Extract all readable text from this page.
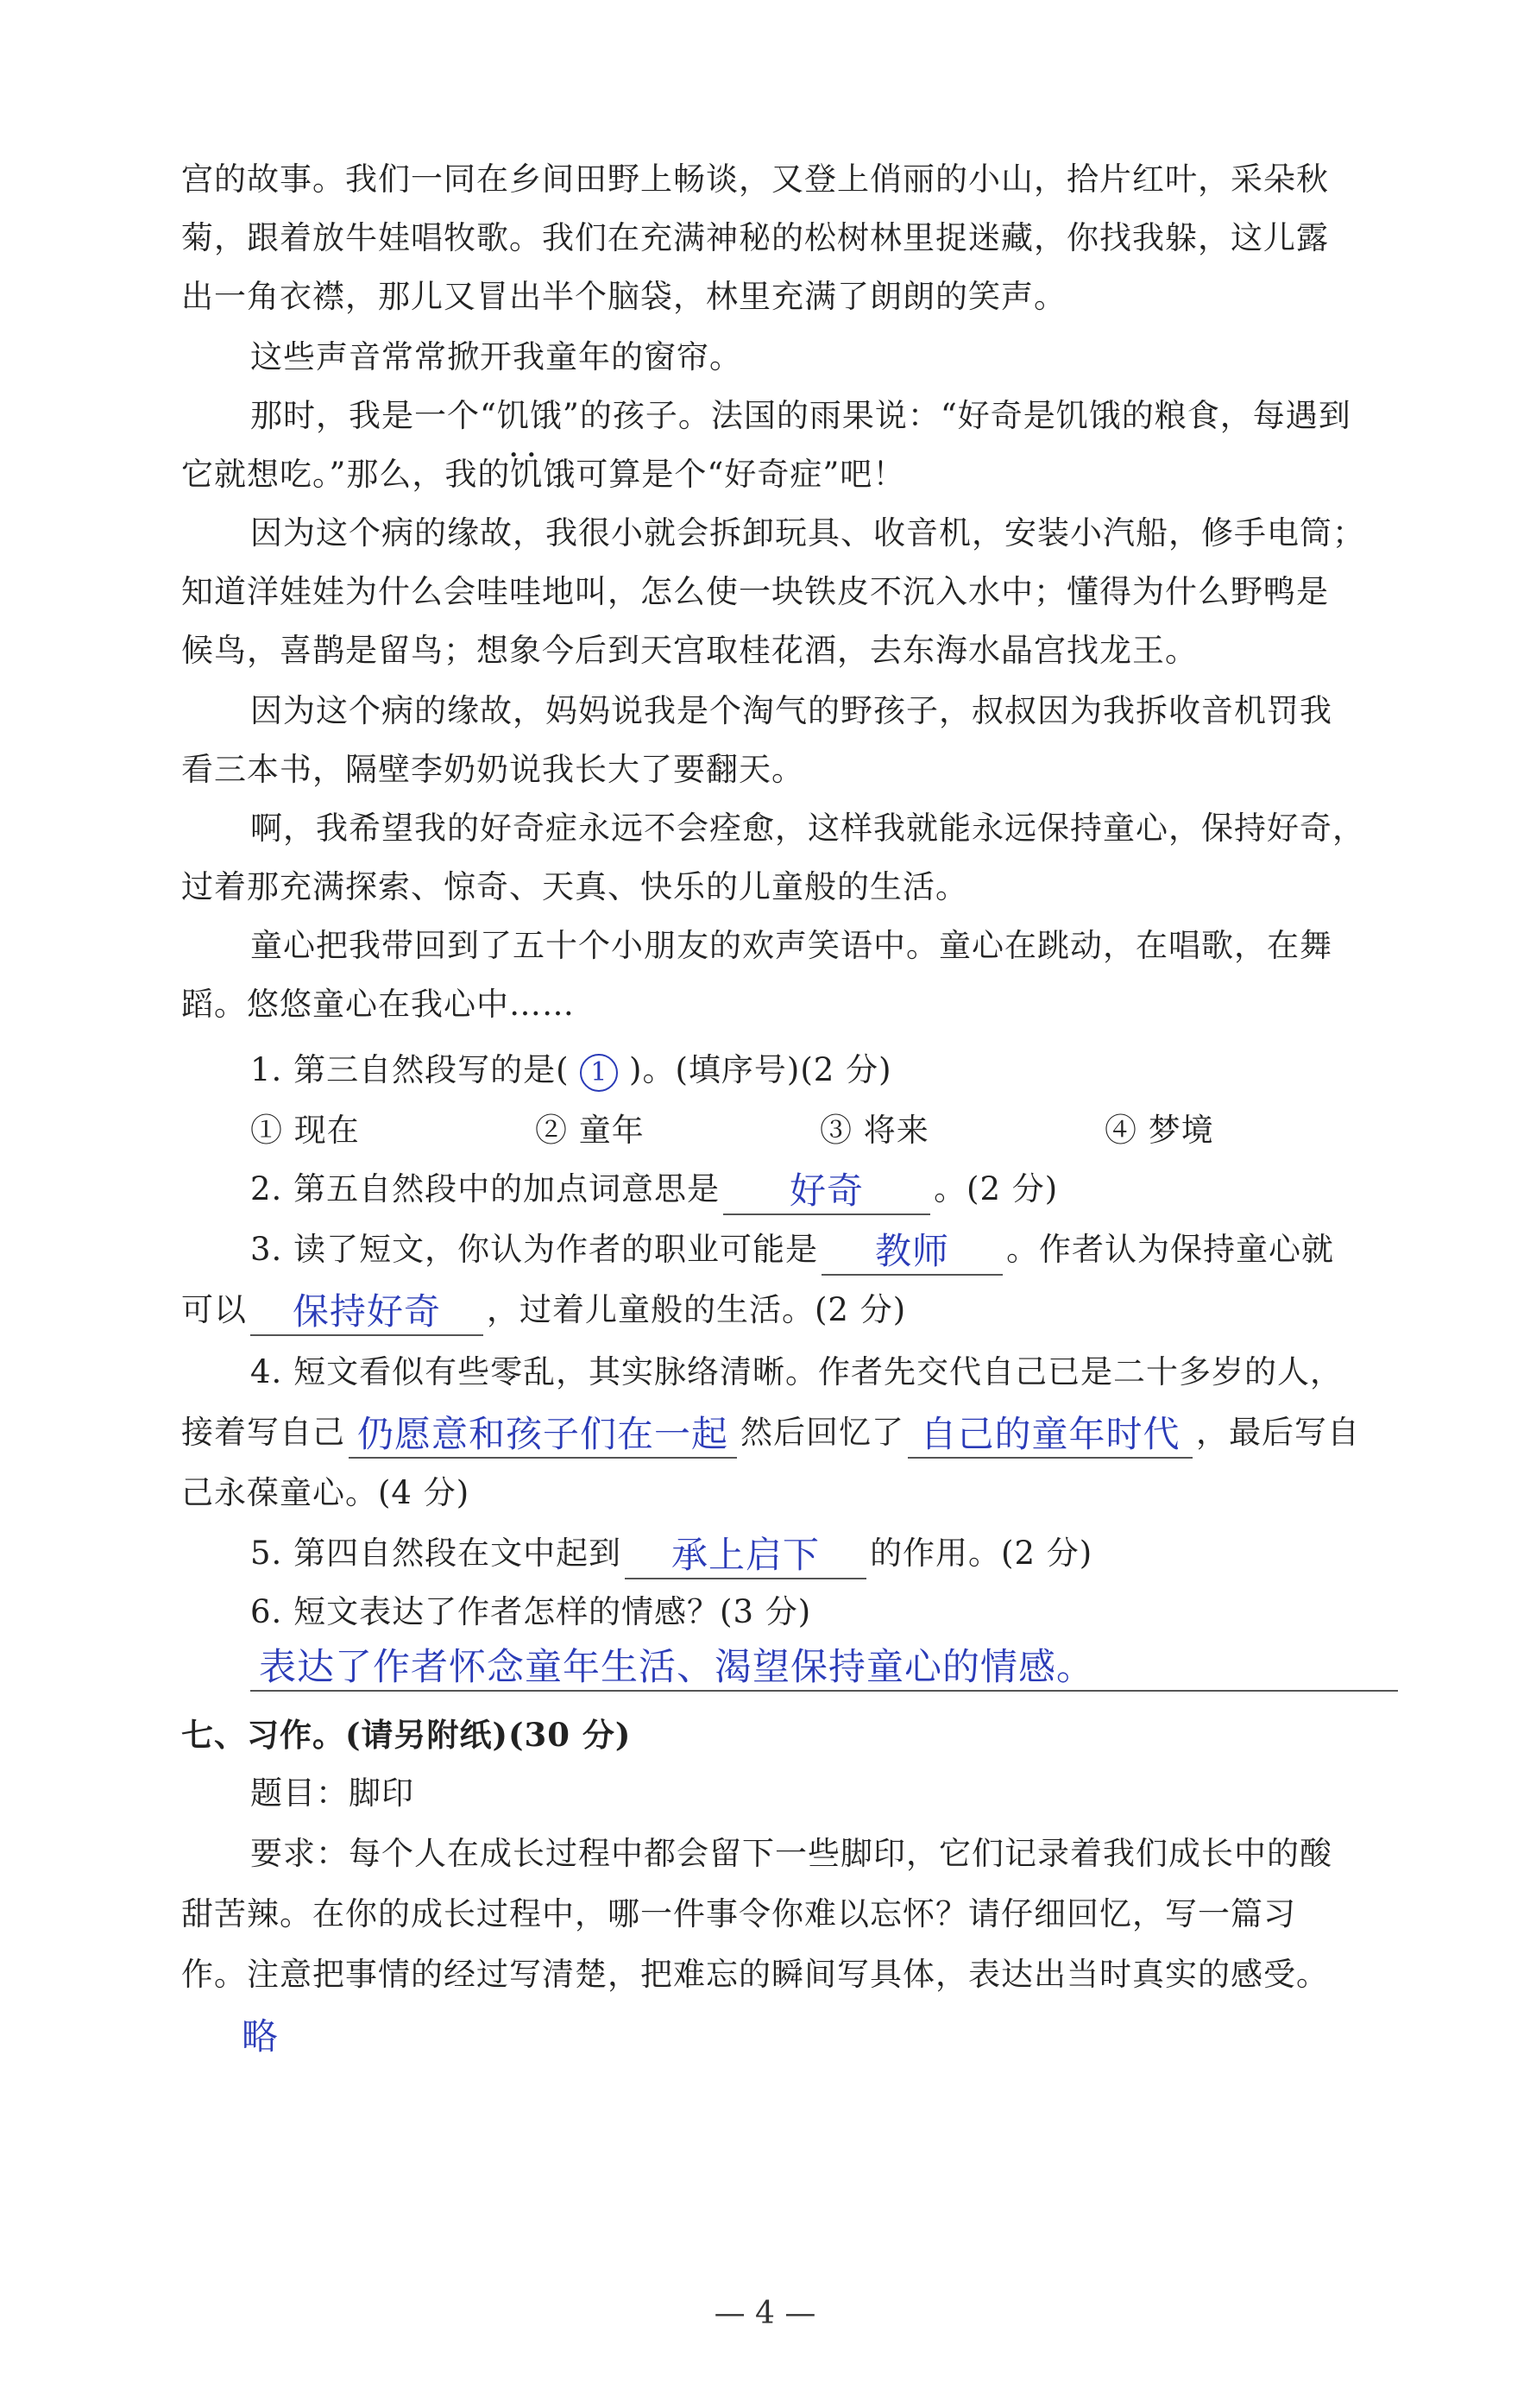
宫的故事。我们一同在乡间田野上畅谈，又登上俏丽的小山，拾片红叶，采朵秋
菊，跟着放牛娃唱牧歌。我们在充满神秘的松树林里捉迷藏，你找我躲，这儿露
出一角衣襟，那儿又冒出半个脑袋，林里充满了朗朗的笑声。
这些声音常常掀开我童年的窗帘。
那时，我是一个“饥饿 ••”的孩子。法国的雨果说：“好奇是饥饿的粮食，每遇到
它就想吃。”那么，我的饥饿可算是个“好奇症”吧！
因为这个病的缘故，我很小就会拆卸玩具、收音机，安装小汽船，修手电筒；
知道洋娃娃为什么会哇哇地叫，怎么使一块铁皮不沉入水中；懂得为什么野鸭是
候鸟，喜鹊是留鸟；想象今后到天宫取桂花酒，去东海水晶宫找龙王。
因为这个病的缘故，妈妈说我是个淘气的野孩子，叔叔因为我拆收音机罚我
看三本书，隔壁李奶奶说我长大了要翻天。
啊，我希望我的好奇症永远不会痊愈，这样我就能永远保持童心，保持好奇，
过着那充满探索、惊奇、天真、快乐的儿童般的生活。
童心把我带回到了五十个小朋友的欢声笑语中。童心在跳动，在唱歌，在舞
蹈。悠悠童心在我心中……
1. 第三自然段写的是( 1 )。(填序号)(2 分)
① 现在	② 童年	③ 将来	④ 梦境
2. 第五自然段中的加点词意思是 好奇 。(2 分)
3. 读了短文，你认为作者的职业可能是 教师 。作者认为保持童心就
可以 保持好奇 ，过着儿童般的生活。(2 分)
4. 短文看似有些零乱，其实脉络清晰。作者先交代自己已是二十多岁的人，
接着写自己 仍愿意和孩子们在一起 然后回忆了 自己的童年时代 ，最后写自
己永葆童心。(4 分)
5. 第四自然段在文中起到 承上启下 的作用。(2 分)
6. 短文表达了作者怎样的情感？(3 分)
表达了作者怀念童年生活、渴望保持童心的情感。
七、习作。(请另附纸)(30 分)
题目：脚印
要求：每个人在成长过程中都会留下一些脚印，它们记录着我们成长中的酸
甜苦辣。在你的成长过程中，哪一件事令你难以忘怀？请仔细回忆，写一篇习
作。注意把事情的经过写清楚，把难忘的瞬间写具体，表达出当时真实的感受。
略
— 4 —
